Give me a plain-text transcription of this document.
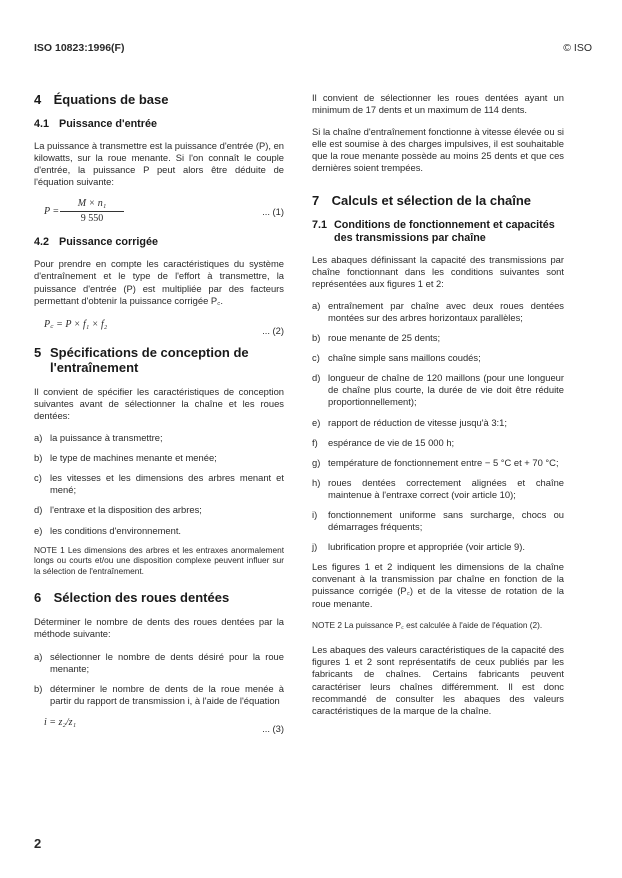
ISO 10823:1996(F)	© ISO
4 Équations de base
4.1 Puissance d'entrée

La puissance à transmettre est la puissance d'entrée (P), en kilowatts, sur la roue menante. Si l'on connaît le couple d'entrée, la puissance P peut alors être déduite de l'équation suivante:

$P = \frac{\text{M × n₁}}{9 550}$	... (1)
4.2 Puissance corrigée

Pour prendre en compte les caractéristiques du système d'entraînement et le type de l'effort à transmettre, la puissance d'entrée (P) est multipliée par des facteurs permettant d'obtenir la puissance corrigée P꜀.

P꜀ = P × f₁ × f₂
... (2)
5 Spécifications de conception de l'entraînement

Il convient de spécifier les caractéristiques de conception suivantes avant de sélectionner la chaîne et les roues dentées:

a) la puissance à transmettre;
b) le type de machines menante et menée;
c) les vitesses et les dimensions des arbres menant et mené;
d) l'entraxe et la disposition des arbres;
e) les conditions d'environnement.
NOTE 1 Les dimensions des arbres et les entraxes anormalement longs ou courts et/ou une disposition complexe peuvent influer sur la sélection de l'entraînement.
6 Sélection des roues dentées

Déterminer le nombre de dents des roues dentées par la méthode suivante:

a) sélectionner le nombre de dents désiré pour la roue menante;
b) déterminer le nombre de dents de la roue menée à partir du rapport de transmission i, à l'aide de l'équation
i = z₂/z₁
... (3)

Il convient de sélectionner les roues dentées ayant un minimum de 17 dents et un maximum de 114 dents.

Si la chaîne d'entraînement fonctionne à vitesse élevée ou si elle est soumise à des charges impulsives, il est souhaitable que la roue menante possède au moins 25 dents et que ces dernières soient trempées.

7 Calculs et sélection de la chaîne
7.1 Conditions de fonctionnement et capacités des transmissions par chaîne

Les abaques définissant la capacité des transmissions par chaîne fonctionnant dans les conditions suivantes sont représentées aux figures 1 et 2:

a) entraînement par chaîne avec deux roues dentées montées sur des arbres horizontaux parallèles;
b) roue menante de 25 dents;
c) chaîne simple sans maillons coudés;
d) longueur de chaîne de 120 maillons (pour une longueur de chaîne plus courte, la durée de vie doit être réduite proportionnellement);
e) rapport de réduction de vitesse jusqu'à 3:1;
f) espérance de vie de 15 000 h;
g) température de fonctionnement entre − 5 °C et + 70 °C;
h) roues dentées correctement alignées et chaîne maintenue à l'entraxe correct (voir article 10);
i) fonctionnement uniforme sans surcharge, chocs ou démarrages fréquents;
j) lubrification propre et appropriée (voir article 9).

Les figures 1 et 2 indiquent les dimensions de la chaîne convenant à la transmission par chaîne en fonction de la puissance corrigée (P꜀) et de la vitesse de rotation de la roue menante.

NOTE 2 La puissance P꜀ est calculée à l'aide de l'équation (2).

Les abaques des valeurs caractéristiques de la capacité des figures 1 et 2 sont représentatifs de ceux publiés par les fabricants de chaînes. Certains fabricants peuvent caractériser leurs chaînes différemment. Il est donc recommandé de consulter les abaques des valeurs caractéristiques de la marque de la chaîne.

2
